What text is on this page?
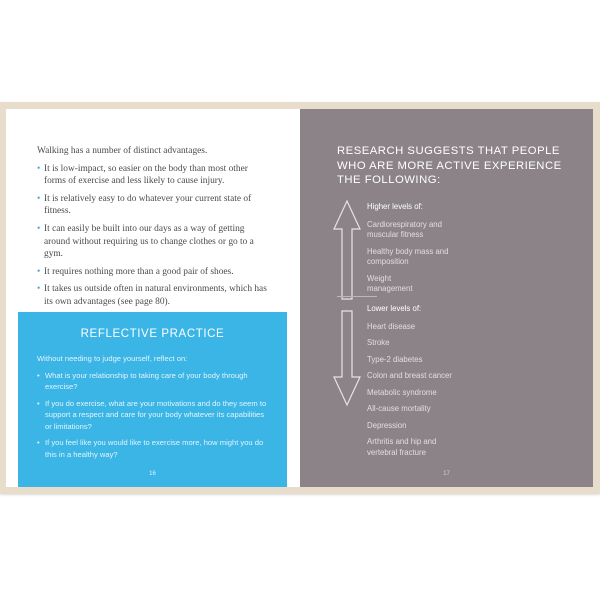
Walking has a number of distinct advantages.

• It is low-impact, so easier on the body than most other forms of exercise and less likely to cause injury.
• It is relatively easy to do whatever your current state of fitness.
• It can easily be built into our days as a way of getting around without requiring us to change clothes or go to a gym.
• It requires nothing more than a good pair of shoes.
• It takes us outside often in natural environments, which has its own advantages (see page 80).
REFLECTIVE PRACTICE

Without needing to judge yourself, reflect on:

• What is your relationship to taking care of your body through exercise?
• If you do exercise, what are your motivations and do they seem to support a respect and care for your body whatever its capabilities or limitations?
• If you feel like you would like to exercise more, how might you do this in a healthy way?
16
RESEARCH SUGGESTS THAT PEOPLE WHO ARE MORE ACTIVE EXPERIENCE THE FOLLOWING:
Higher levels of:
Cardiorespiratory and muscular fitness
Healthy body mass and composition
Weight management
Lower levels of:
Heart disease
Stroke
Type-2 diabetes
Colon and breast cancer
Metabolic syndrome
All-cause mortality
Depression
Arthritis and hip and vertebral fracture
17
